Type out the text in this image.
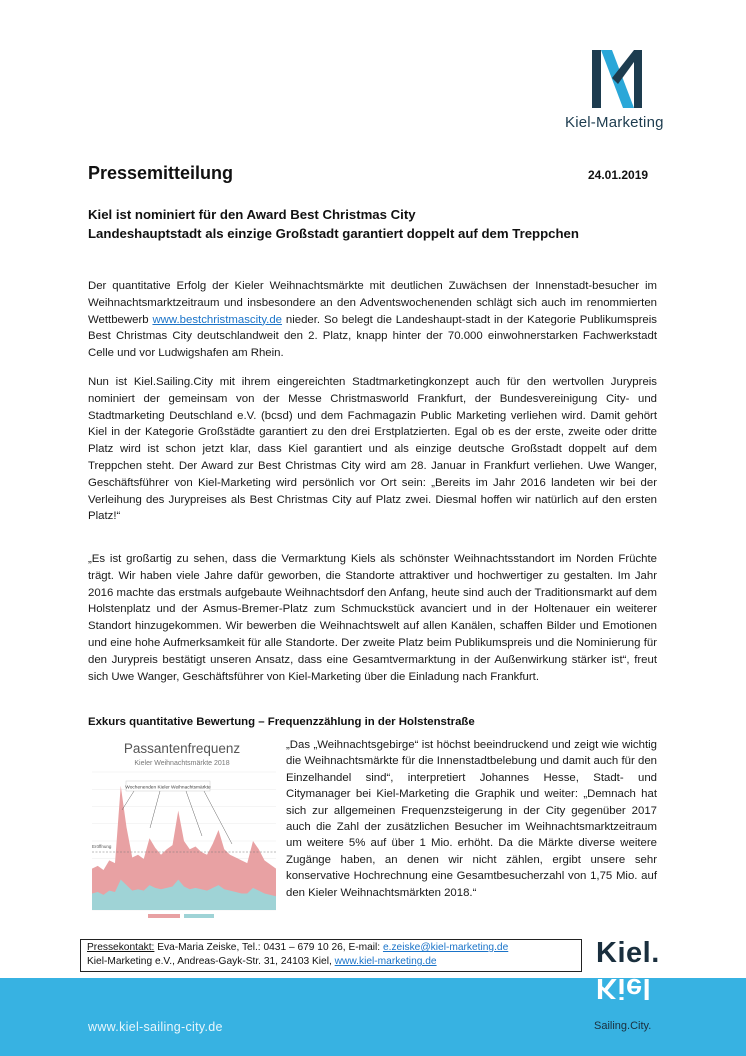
Kiel-Marketing
Pressemitteilung	24.01.2019
Kiel ist nominiert für den Award Best Christmas City
Landeshauptstadt als einzige Großstadt garantiert doppelt auf dem Treppchen
Der quantitative Erfolg der Kieler Weihnachtsmärkte mit deutlichen Zuwächsen der Innenstadt-besucher im Weihnachtsmarktzeitraum und insbesondere an den Adventswochenenden schlägt sich auch im renommierten Wettbewerb www.bestchristmascity.de nieder. So belegt die Landeshaupt-stadt in der Kategorie Publikumspreis Best Christmas City deutschlandweit den 2. Platz, knapp hinter der 70.000 einwohnerstarken Fachwerkstadt Celle und vor Ludwigshafen am Rhein.
Nun ist Kiel.Sailing.City mit ihrem eingereichten Stadtmarketingkonzept auch für den wertvollen Jurypreis nominiert der gemeinsam von der Messe Christmasworld Frankfurt, der Bundesvereinigung City- und Stadtmarketing Deutschland e.V. (bcsd) und dem Fachmagazin Public Marketing verliehen wird. Damit gehört Kiel in der Kategorie Großstädte garantiert zu den drei Erstplatzierten. Egal ob es der erste, zweite oder dritte Platz wird ist schon jetzt klar, dass Kiel garantiert und als einzige deutsche Großstadt doppelt auf dem Treppchen steht. Der Award zur Best Christmas City wird am 28. Januar in Frankfurt verliehen. Uwe Wanger, Geschäftsführer von Kiel-Marketing wird persönlich vor Ort sein: „Bereits im Jahr 2016 landeten wir bei der Verleihung des Jurypreises als Best Christmas City auf Platz zwei. Diesmal hoffen wir natürlich auf den ersten Platz!“
„Es ist großartig zu sehen, dass die Vermarktung Kiels als schönster Weihnachtsstandort im Norden Früchte trägt. Wir haben viele Jahre dafür geworben, die Standorte attraktiver und hochwertiger zu gestalten. Im Jahr 2016 machte das erstmals aufgebaute Weihnachtsdorf den Anfang, heute sind auch der Traditionsmarkt auf dem Holstenplatz und der Asmus-Bremer-Platz zum Schmuckstück avanciert und in der Holtenauer ein weiterer Standort hinzugekommen. Wir bewerben die Weihnachtswelt auf allen Kanälen, schaffen Bilder und Emotionen und eine hohe Aufmerksamkeit für alle Standorte. Der zweite Platz beim Publikumspreis und die Nominierung für den Jurypreis bestätigt unseren Ansatz, dass eine Gesamtvermarktung in der Außenwirkung stärker ist“, freut sich Uwe Wanger, Geschäftsführer von Kiel-Marketing über die Einladung nach Frankfurt.
Exkurs quantitative Bewertung – Frequenzzählung in der Holstenstraße
Passantenfrequenz
Kieler Weihnachtsmärkte 2018
Wochenenden Kieler Weihnachtsmärkte
Eröffnung
„Das „Weihnachtsgebirge“ ist höchst beeindruckend und zeigt wie wichtig die Weihnachtsmärkte für die Innenstadtbelebung und damit auch für den Einzelhandel sind“, interpretiert Johannes Hesse, Stadt- und Citymanager bei Kiel-Marketing die Graphik und weiter: „Demnach hat sich zur allgemeinen Frequenzsteigerung in der City gegenüber 2017 auch die Zahl der zusätzlichen Besucher im Weihnachtsmarktzeitraum um weitere 5% auf über 1 Mio. erhöht. Da die Märkte diverse weitere Zugänge haben, an denen wir nicht zählen, ergibt unsere sehr konservative Hochrechnung eine Gesamtbesucherzahl von 1,75 Mio. auf den Kieler Weihnachtsmärkten 2018.“
Pressekontakt: Eva-Maria Zeiske, Tel.: 0431 – 679 10 26, E-mail: e.zeiske@kiel-marketing.de
Kiel-Marketing e.V., Andreas-Gayk-Str. 31, 24103 Kiel, www.kiel-marketing.de
www.kiel-sailing-city.de
Kiel.
Kiel
Sailing.City.
